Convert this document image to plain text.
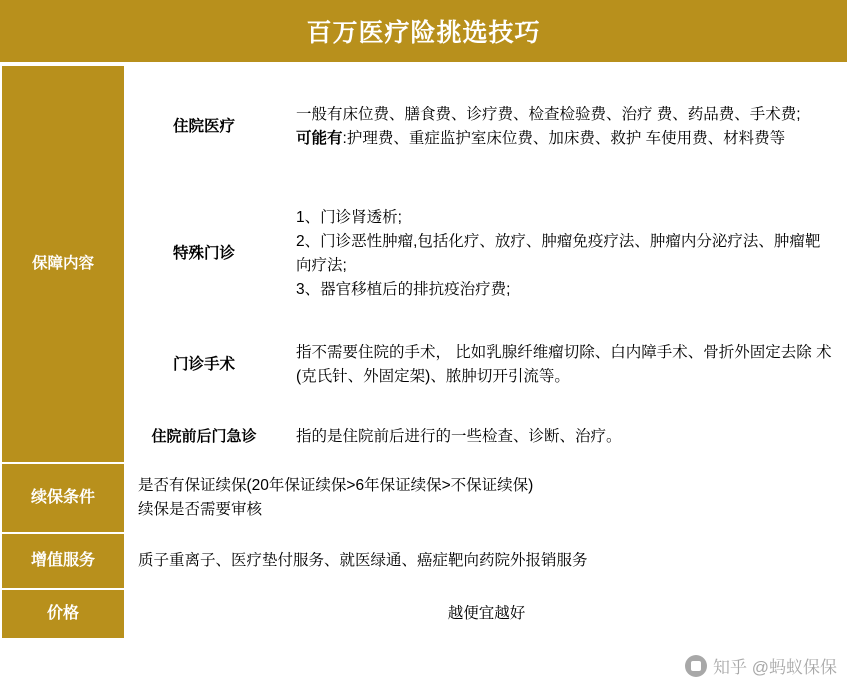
百万医疗险挑选技巧
保障内容	住院医疗	一般有床位费、膳食费、诊疗费、检查检验费、治疗 费、药品费、手术费;
可能有:护理费、重症监护室床位费、加床费、救护 车使用费、材料费等

	特殊门诊	1、门诊肾透析;
2、门诊恶性肿瘤,包括化疗、放疗、肿瘤免疫疗法、肿瘤内分泌疗法、肿瘤靶向疗法;
3、器官移植后的排抗疫治疗费;

	门诊手术	指不需要住院的手术， 比如乳腺纤维瘤切除、白内障手术、骨折外固定去除 术(克氏针、外固定架)、脓肿切开引流等。

	住院前后门急诊	指的是住院前后进行的一些检查、诊断、治疗。

续保条件	是否有保证续保(20年保证续保>6年保证续保>不保证续保)
续保是否需要审核	

增值服务	质子重离子、医疗垫付服务、就医绿通、癌症靶向药院外报销服务	

价格	越便宜越好	
知乎 @蚂蚁保保
